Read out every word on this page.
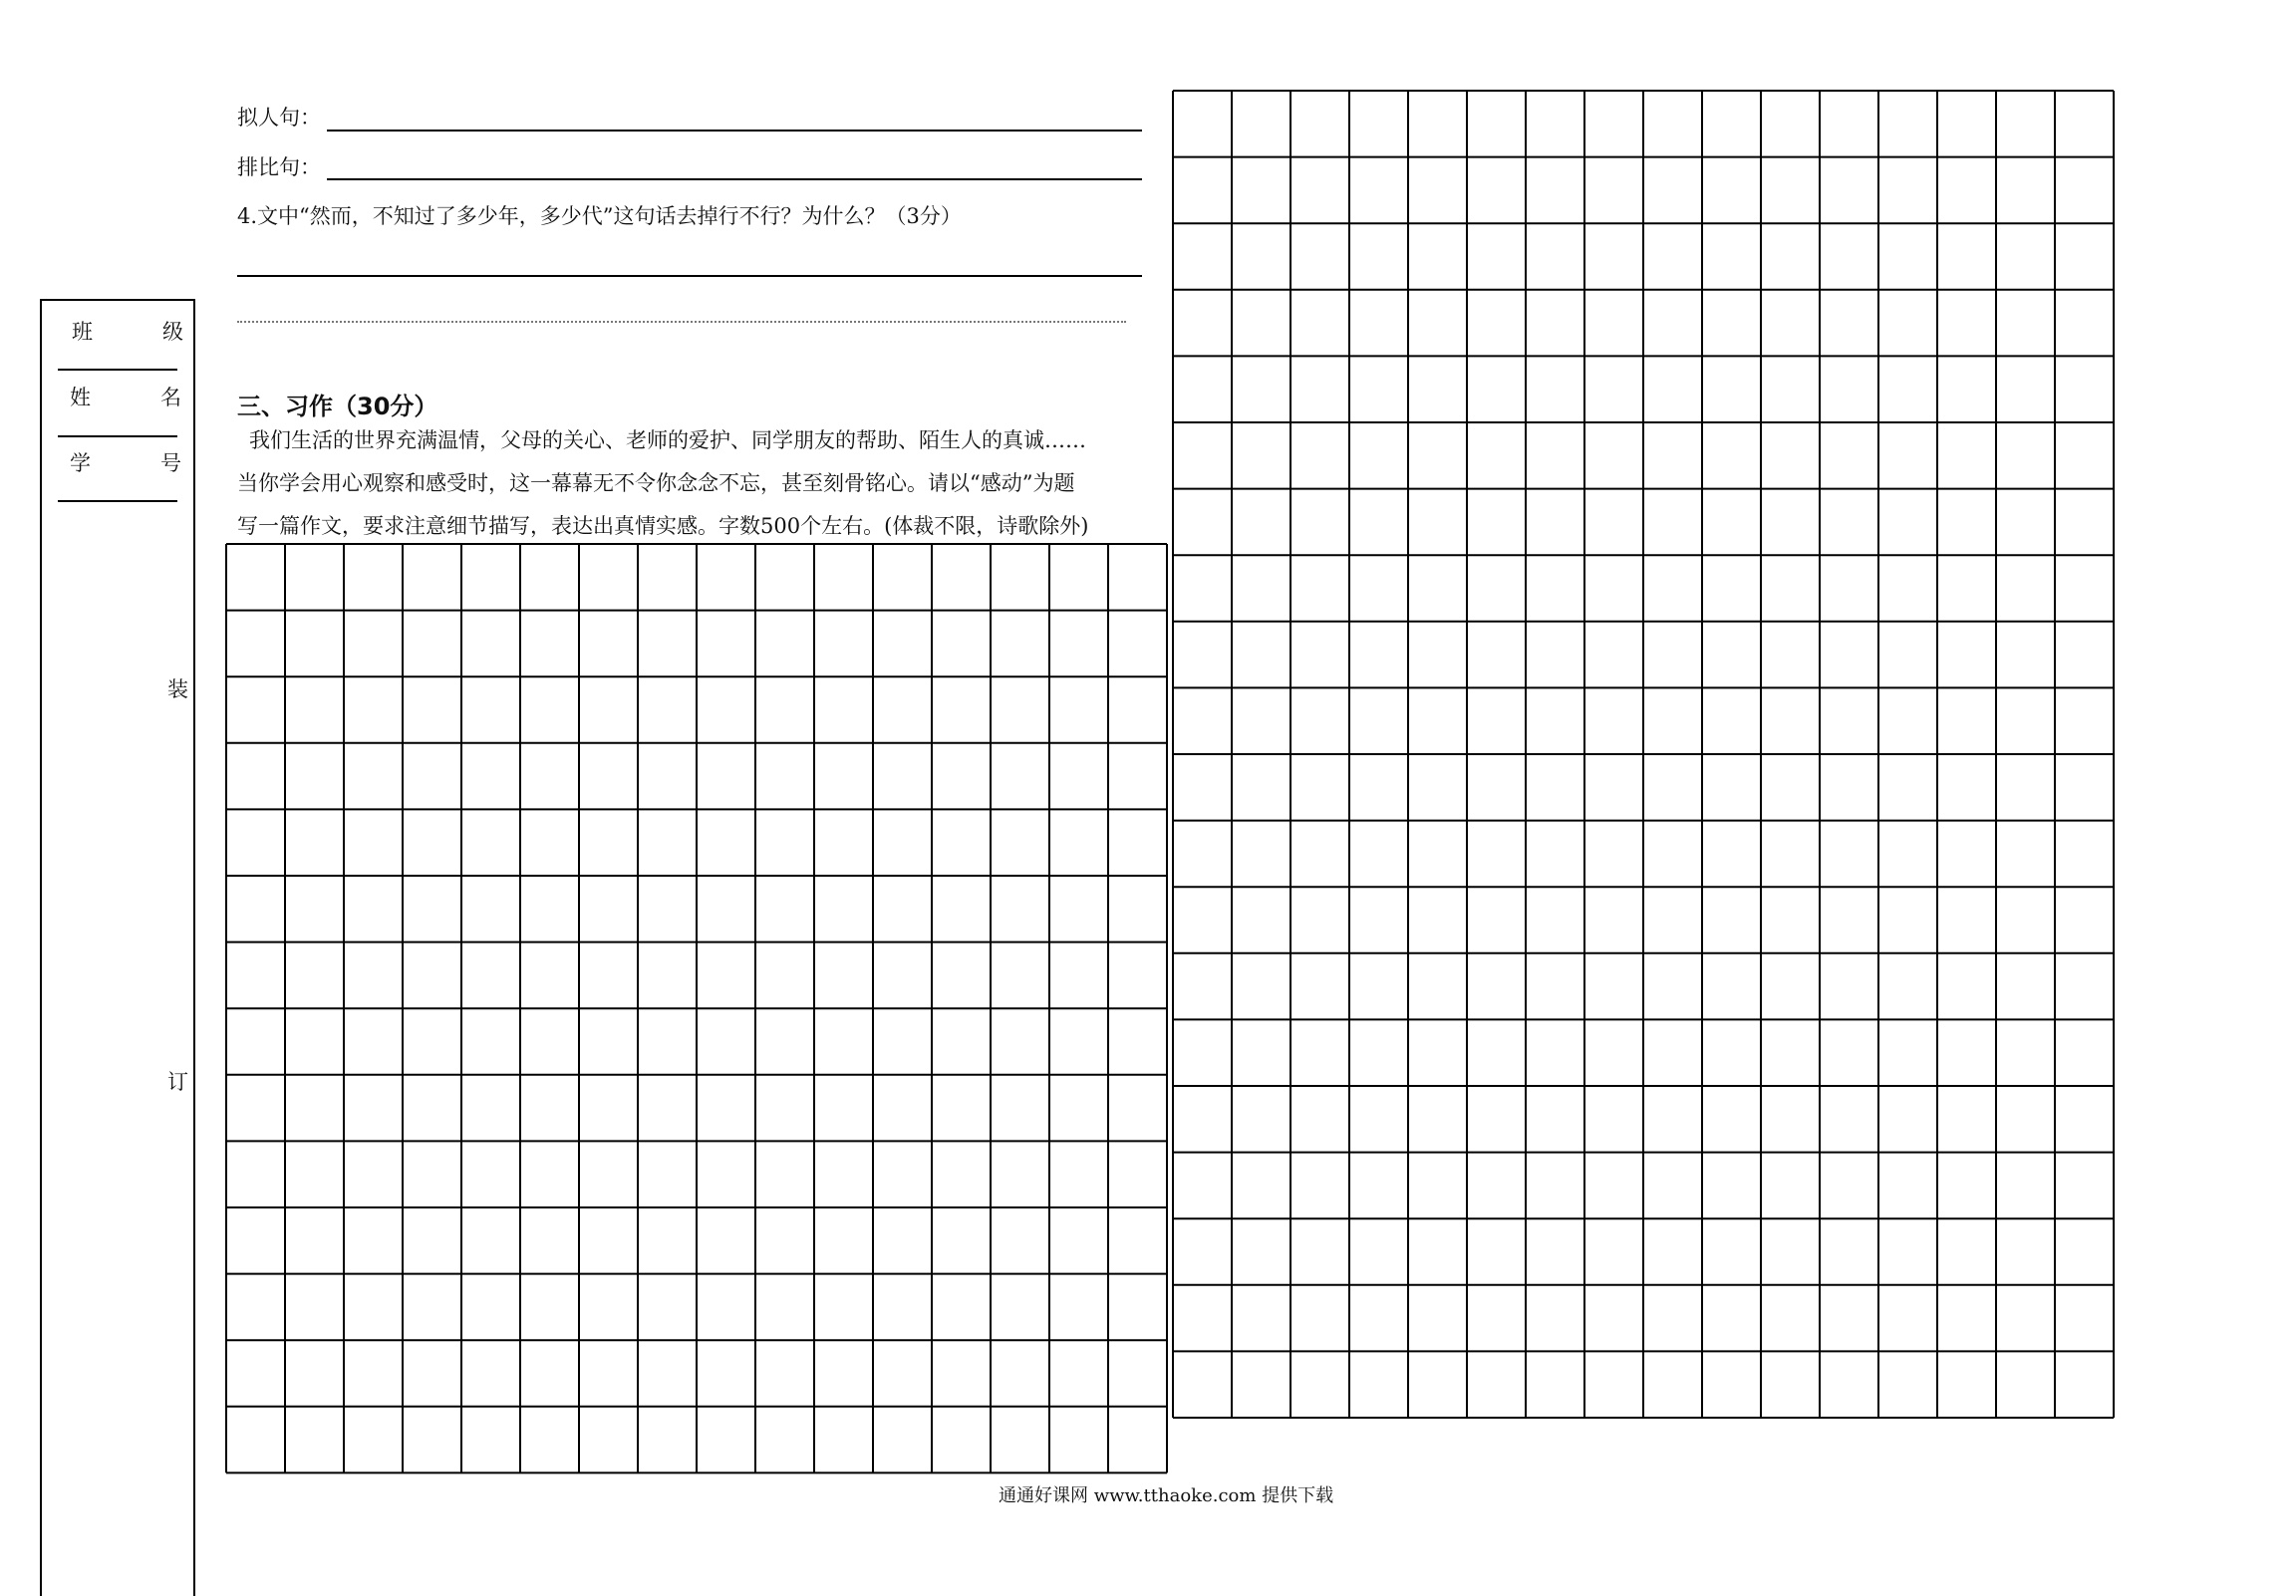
拟人句：
排比句：
4.文中“然而，不知过了多少年，多少代”这句话去掉行不行？为什么？（3分）
班	级
姓	名
学	号
装
订
三、习作（30分）
我们生活的世界充满温情，父母的关心、老师的爱护、同学朋友的帮助、陌生人的真诚……
当你学会用心观察和感受时，这一幕幕无不令你念念不忘，甚至刻骨铭心。请以“感动”为题
写一篇作文，要求注意细节描写，表达出真情实感。字数500个左右。(体裁不限，诗歌除外)
通通好课网 www.tthaoke.com 提供下载
